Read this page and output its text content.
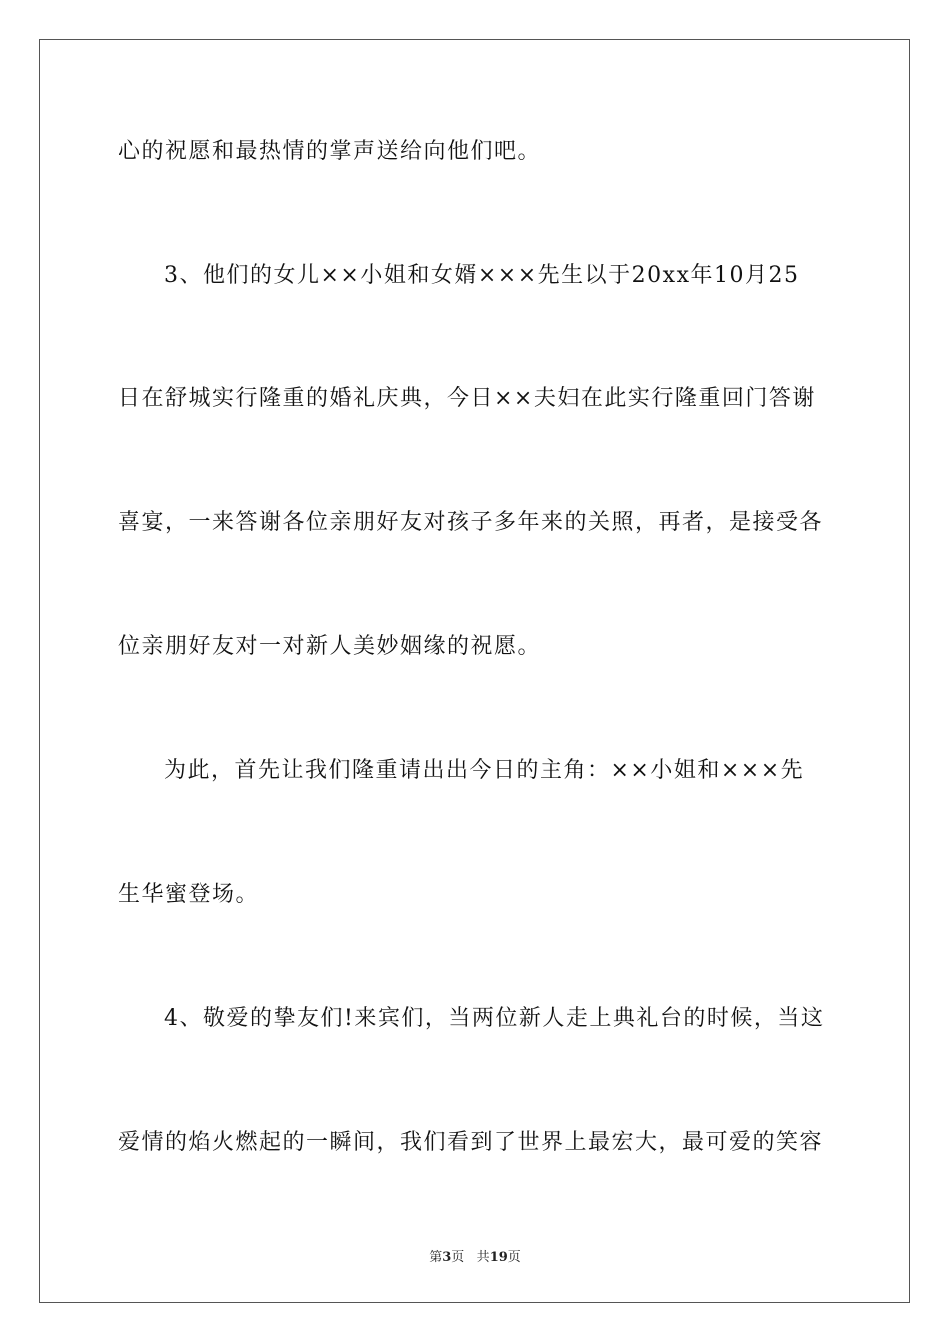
心的祝愿和最热情的掌声送给向他们吧。
3、他们的女儿××小姐和女婿×××先生以于20xx年10月25
日在舒城实行隆重的婚礼庆典，今日××夫妇在此实行隆重回门答谢
喜宴，一来答谢各位亲朋好友对孩子多年来的关照，再者，是接受各
位亲朋好友对一对新人美妙姻缘的祝愿。
为此，首先让我们隆重请出出今日的主角：××小姐和×××先
生华蜜登场。
4、敬爱的挚友们!来宾们，当两位新人走上典礼台的时候，当这
爱情的焰火燃起的一瞬间，我们看到了世界上最宏大，最可爱的笑容
第3页 共19页
